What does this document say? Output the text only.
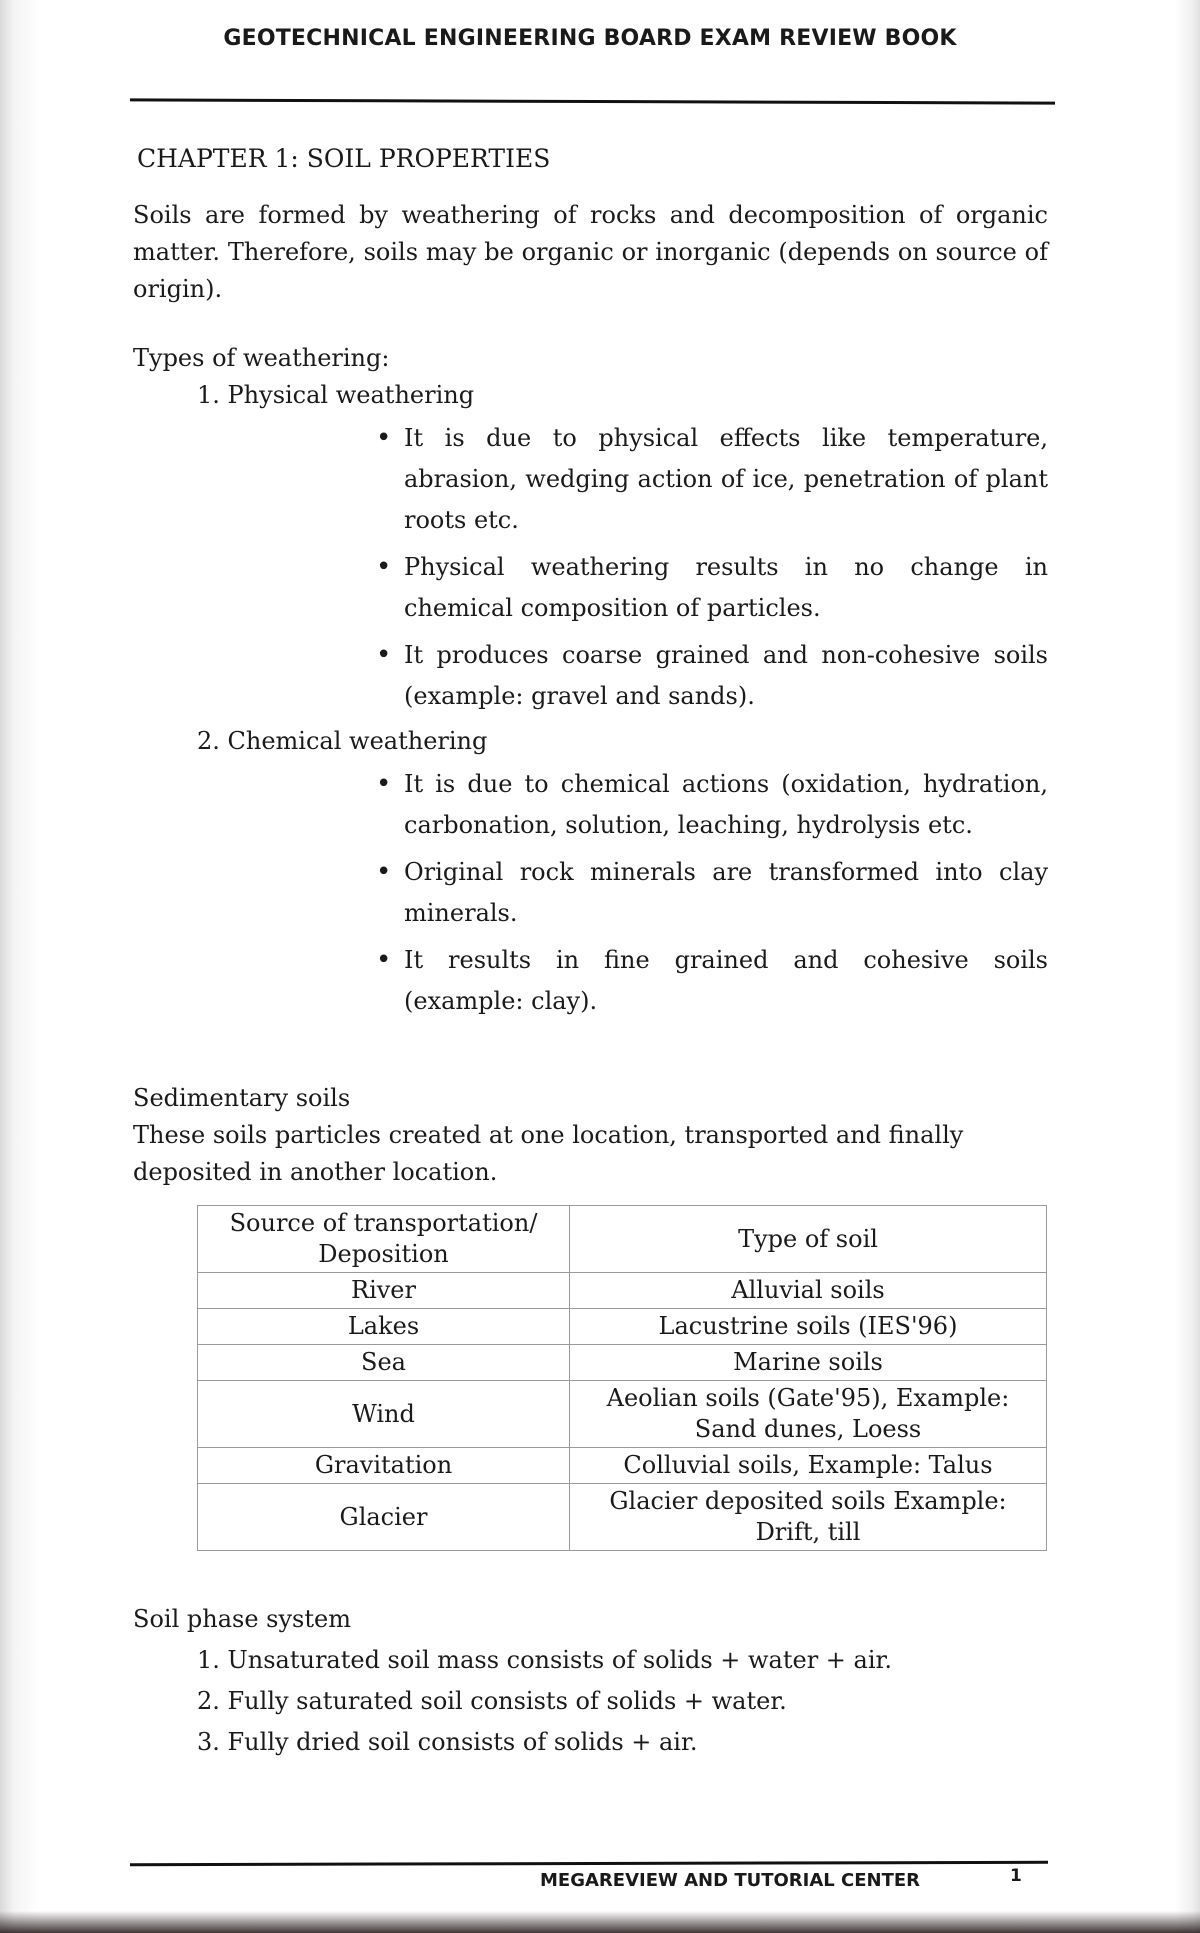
GEOTECHNICAL ENGINEERING BOARD EXAM REVIEW BOOK
CHAPTER 1: SOIL PROPERTIES

Soils are formed by weathering of rocks and decomposition of organic matter. Therefore, soils may be organic or inorganic (depends on source of origin).

Types of weathering:

1. Physical weathering
• It is due to physical effects like temperature, abrasion, wedging action of ice, penetration of plant roots etc.
• Physical weathering results in no change in chemical composition of particles.
• It produces coarse grained and non-cohesive soils (example: gravel and sands).
2. Chemical weathering
• It is due to chemical actions (oxidation, hydration, carbonation, solution, leaching, hydrolysis etc.
• Original rock minerals are transformed into clay minerals.
• It results in fine grained and cohesive soils (example: clay).

Sedimentary soils

These soils particles created at one location, transported and finally deposited in another location.

Source of transportation/ Deposition	Type of soil
River	Alluvial soils
Lakes	Lacustrine soils (IES'96)
Sea	Marine soils
Wind	Aeolian soils (Gate'95), Example: Sand dunes, Loess
Gravitation	Colluvial soils, Example: Talus
Glacier	Glacier deposited soils Example: Drift, till

Soil phase system

1. Unsaturated soil mass consists of solids + water + air.
2. Fully saturated soil consists of solids + water.
3. Fully dried soil consists of solids + air.
MEGAREVIEW AND TUTORIAL CENTER	1
